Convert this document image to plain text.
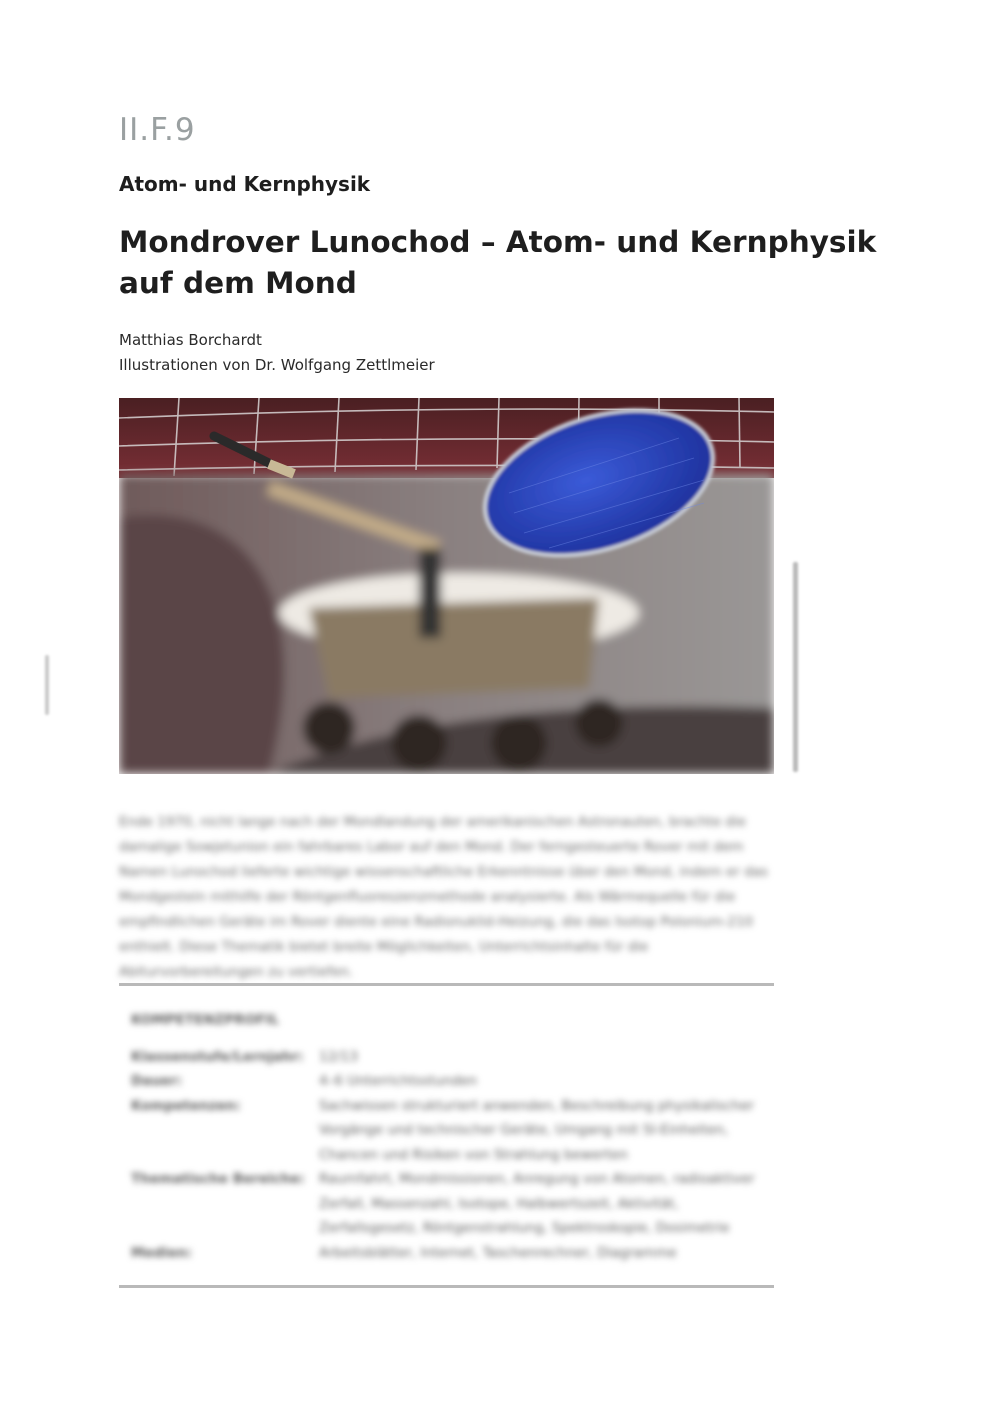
II.F.9
Atom- und Kernphysik
Mondrover Lunochod – Atom- und Kernphysik
auf dem Mond
Matthias Borchardt
Illustrationen von Dr. Wolfgang Zettlmeier
Ende 1970, nicht lange nach der Mondlandung der amerikanischen Astronauten, brachte die damalige Sowjetunion ein fahrbares Labor auf den Mond. Der ferngesteuerte Rover mit dem Namen Lunochod lieferte wichtige wissenschaftliche Erkenntnisse über den Mond, indem er das Mondgestein mithilfe der Röntgenfluoreszenzmethode analysierte. Als Wärmequelle für die empfindlichen Geräte im Rover diente eine Radionuklid-Heizung, die das Isotop Polonium-210 enthielt. Diese Thematik bietet breite Möglichkeiten, Unterrichtsinhalte für die Abiturvorbereitungen zu vertiefen.
KOMPETENZPROFIL
Klassenstufe/Lernjahr:	12/13
Dauer:	4–6 Unterrichtsstunden
Kompetenzen:	Sachwissen strukturiert anwenden, Beschreibung physikalischer Vorgänge und technischer Geräte, Umgang mit SI-Einheiten, Chancen und Risiken von Strahlung bewerten
Thematische Bereiche:	Raumfahrt, Mondmissionen, Anregung von Atomen, radioaktiver Zerfall, Massenzahl, Isotope, Halbwertszeit, Aktivität, Zerfallsgesetz, Röntgenstrahlung, Spektroskopie, Dosimetrie
Medien:	Arbeitsblätter, Internet, Taschenrechner, Diagramme
